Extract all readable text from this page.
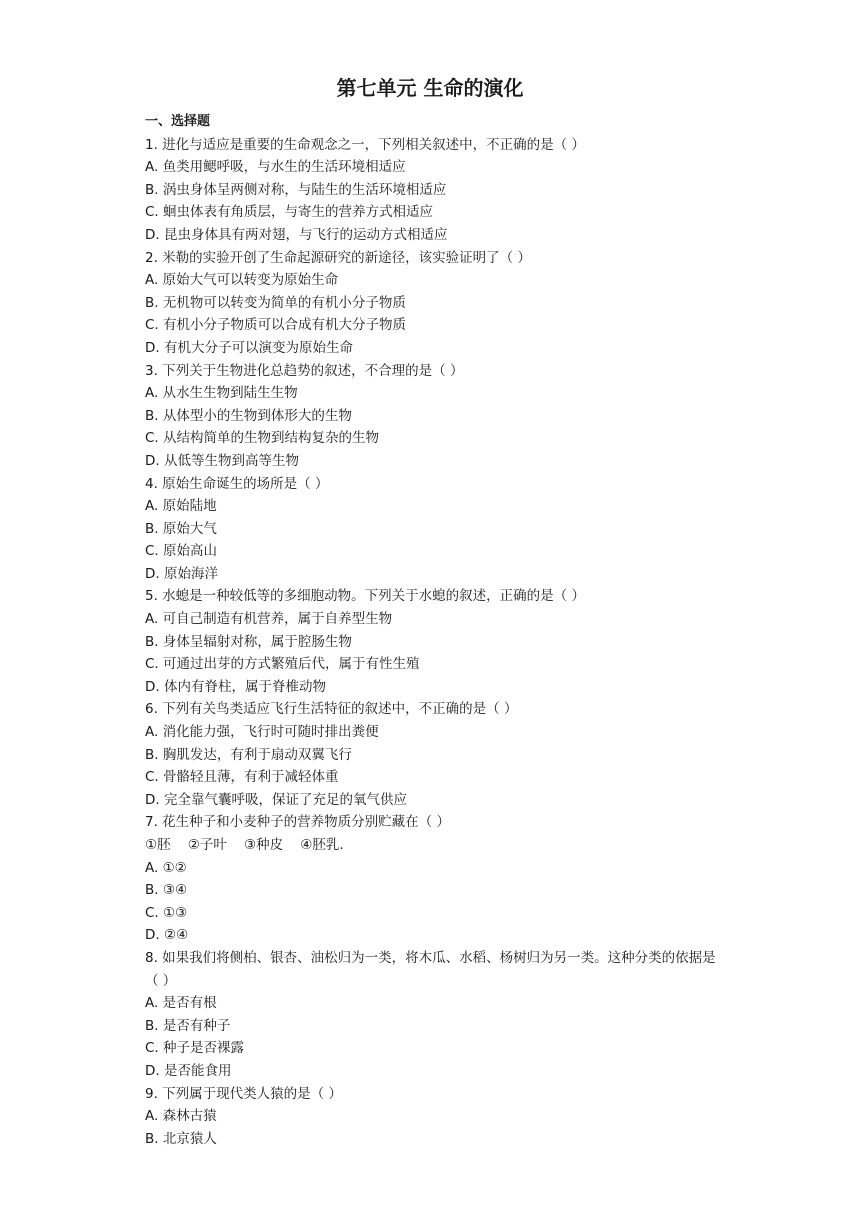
第七单元 生命的演化
一、选择题
1. 进化与适应是重要的生命观念之一，下列相关叙述中，不正确的是（ ）
A. 鱼类用鳃呼吸，与水生的生活环境相适应
B. 涡虫身体呈两侧对称，与陆生的生活环境相适应
C. 蛔虫体表有角质层，与寄生的营养方式相适应
D. 昆虫身体具有两对翅，与飞行的运动方式相适应
2. 米勒的实验开创了生命起源研究的新途径，该实验证明了（ ）
A. 原始大气可以转变为原始生命
B. 无机物可以转变为简单的有机小分子物质
C. 有机小分子物质可以合成有机大分子物质
D. 有机大分子可以演变为原始生命
3. 下列关于生物进化总趋势的叙述，不合理的是（ ）
A. 从水生生物到陆生生物
B. 从体型小的生物到体形大的生物
C. 从结构简单的生物到结构复杂的生物
D. 从低等生物到高等生物
4. 原始生命诞生的场所是（ ）
A. 原始陆地
B. 原始大气
C. 原始高山
D. 原始海洋
5. 水螅是一种较低等的多细胞动物。下列关于水螅的叙述，正确的是（ ）
A. 可自己制造有机营养，属于自养型生物
B. 身体呈辐射对称，属于腔肠生物
C. 可通过出芽的方式繁殖后代，属于有性生殖
D. 体内有脊柱，属于脊椎动物
6. 下列有关鸟类适应飞行生活特征的叙述中，不正确的是（ ）
A. 消化能力强，飞行时可随时排出粪便
B. 胸肌发达，有利于扇动双翼飞行
C. 骨骼轻且薄，有利于减轻体重
D. 完全靠气囊呼吸，保证了充足的氧气供应
7. 花生种子和小麦种子的营养物质分别贮藏在（ ）
①胚    ②子叶    ③种皮    ④胚乳.
A. ①②
B. ③④
C. ①③
D. ②④
8. 如果我们将侧柏、银杏、油松归为一类，将木瓜、水稻、杨树归为另一类。这种分类的依据是（ ）
A. 是否有根
B. 是否有种子
C. 种子是否裸露
D. 是否能食用
9. 下列属于现代类人猿的是（ ）
A. 森林古猿
B. 北京猿人
